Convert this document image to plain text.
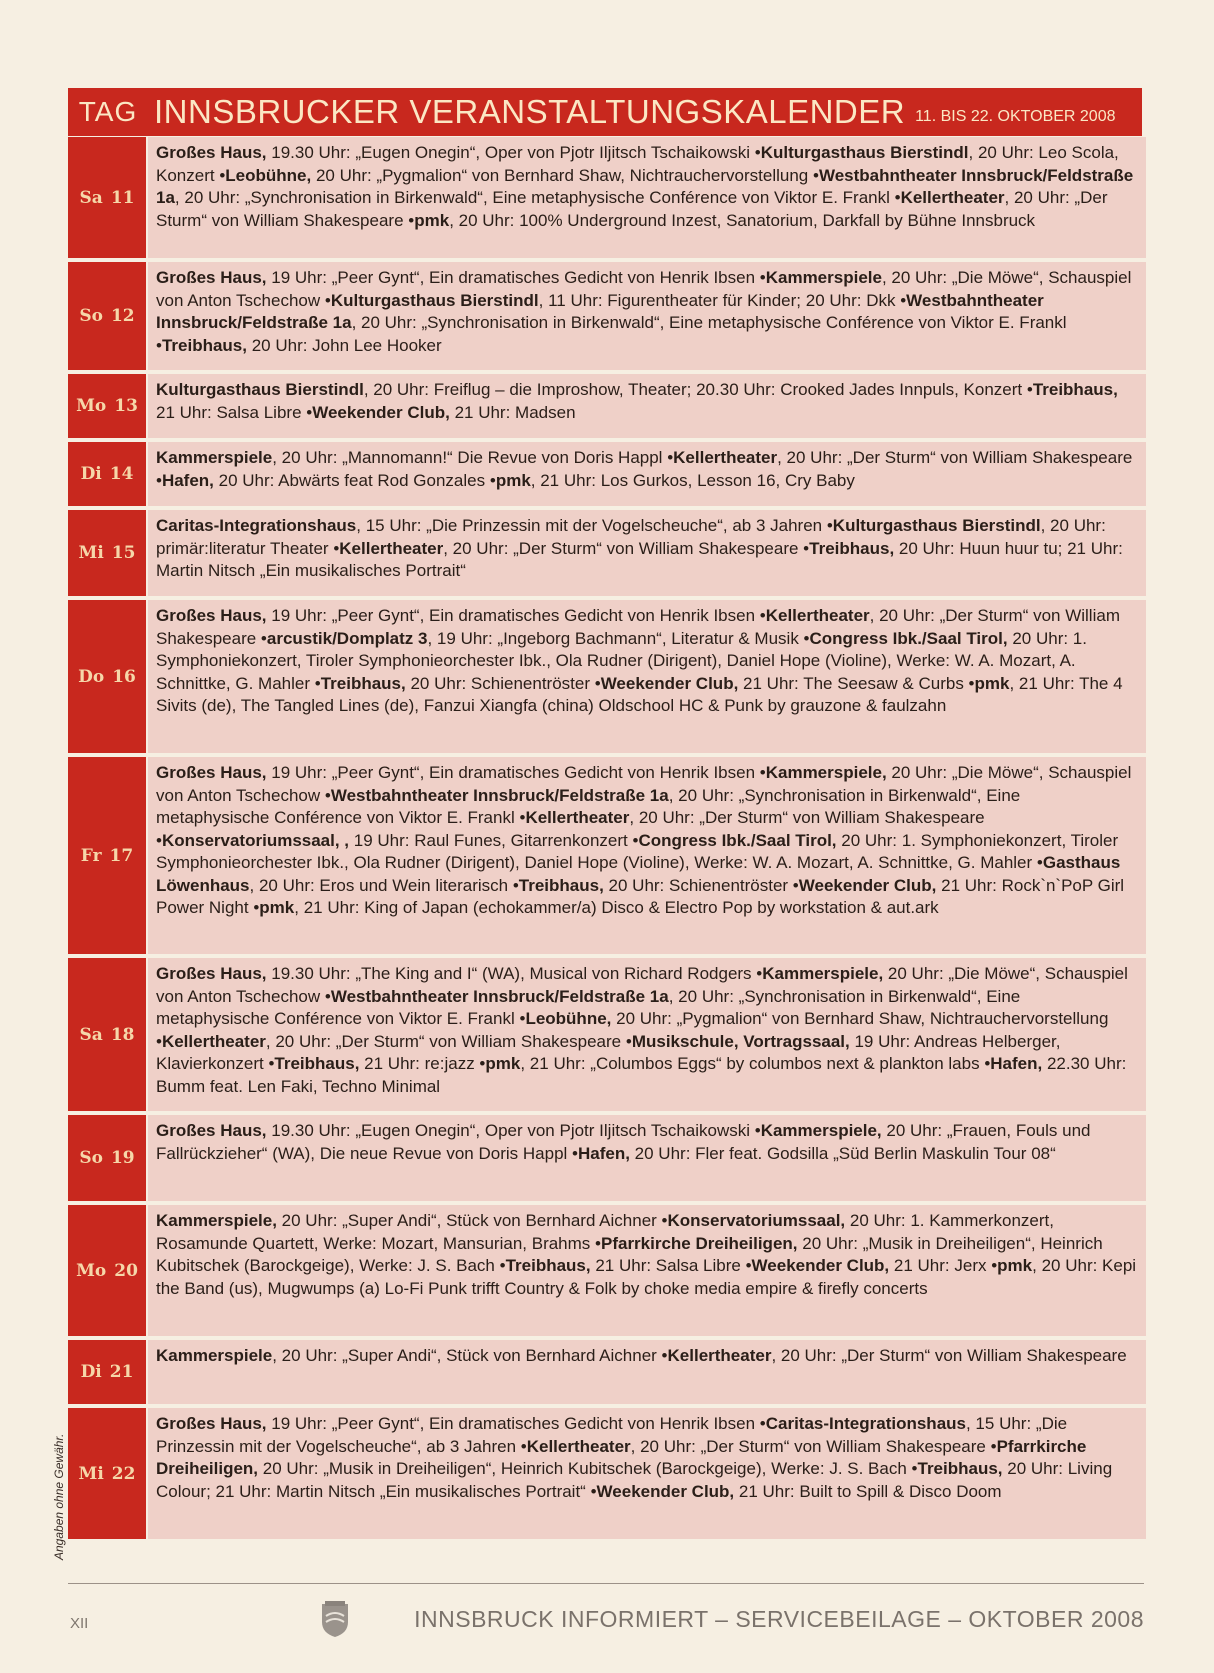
TAG INNSBRUCKER VERANSTALTUNGSKALENDER 11. BIS 22. OKTOBER 2008
Sa 11
Großes Haus, 19.30 Uhr: „Eugen Onegin“, Oper von Pjotr Iljitsch Tschaikowski • Kulturgasthaus Bierstindl, 20 Uhr: Leo Scola, Konzert • Leobühne, 20 Uhr: „Pygmalion“ von Bernhard Shaw, Nichtrauchervorstellung • Westbahntheater Innsbruck/Feldstraße 1a, 20 Uhr: „Synchronisation in Birkenwald“, Eine metaphysische Conférence von Viktor E. Frankl • Kellertheater, 20 Uhr: „Der Sturm“ von William Shakespeare • pmk, 20 Uhr: 100% Underground Inzest, Sanatorium, Darkfall by Bühne Innsbruck
So 12
Großes Haus, 19 Uhr: „Peer Gynt“, Ein dramatisches Gedicht von Henrik Ibsen • Kammerspiele, 20 Uhr: „Die Möwe“, Schauspiel von Anton Tschechow • Kulturgasthaus Bierstindl, 11 Uhr: Figurentheater für Kinder; 20 Uhr: Dkk • Westbahntheater Innsbruck/Feldstraße 1a, 20 Uhr: „Synchronisation in Birkenwald“, Eine metaphysische Conférence von Viktor E. Frankl • Treibhaus, 20 Uhr: John Lee Hooker
Mo 13
Kulturgasthaus Bierstindl, 20 Uhr: Freiflug – die Improshow, Theater; 20.30 Uhr: Crooked Jades Innpuls, Konzert • Treibhaus, 21 Uhr: Salsa Libre • Weekender Club, 21 Uhr: Madsen
Di 14
Kammerspiele, 20 Uhr: „Mannomann!“ Die Revue von Doris Happl • Kellertheater, 20 Uhr: „Der Sturm“ von William Shakespeare • Hafen, 20 Uhr: Abwärts feat Rod Gonzales • pmk, 21 Uhr: Los Gurkos, Lesson 16, Cry Baby
Mi 15
Caritas-Integrationshaus, 15 Uhr: „Die Prinzessin mit der Vogelscheuche“, ab 3 Jahren • Kulturgasthaus Bierstindl, 20 Uhr: primär:literatur Theater • Kellertheater, 20 Uhr: „Der Sturm“ von William Shakespeare • Treibhaus, 20 Uhr: Huun huur tu; 21 Uhr: Martin Nitsch „Ein musikalisches Portrait“
Do 16
Großes Haus, 19 Uhr: „Peer Gynt“, Ein dramatisches Gedicht von Henrik Ibsen • Kellertheater, 20 Uhr: „Der Sturm“ von William Shakespeare • arcustik/Domplatz 3, 19 Uhr: „Ingeborg Bachmann“, Literatur & Musik • Congress Ibk./Saal Tirol, 20 Uhr: 1. Symphoniekonzert, Tiroler Symphonieorchester Ibk., Ola Rudner (Dirigent), Daniel Hope (Violine), Werke: W. A. Mozart, A. Schnittke, G. Mahler • Treibhaus, 20 Uhr: Schienentröster • Weekender Club, 21 Uhr: The Seesaw & Curbs • pmk, 21 Uhr: The 4 Sivits (de), The Tangled Lines (de), Fanzui Xiangfa (china) Oldschool HC & Punk by grauzone & faulzahn
Fr 17
Großes Haus, 19 Uhr: „Peer Gynt“, Ein dramatisches Gedicht von Henrik Ibsen • Kammerspiele, 20 Uhr: „Die Möwe“, Schauspiel von Anton Tschechow • Westbahntheater Innsbruck/Feldstraße 1a, 20 Uhr: „Synchronisation in Birkenwald“, Eine metaphysische Conférence von Viktor E. Frankl • Kellertheater, 20 Uhr: „Der Sturm“ von William Shakespeare • Konservatoriumssaal, , 19 Uhr: Raul Funes, Gitarrenkonzert • Congress Ibk./Saal Tirol, 20 Uhr: 1. Symphoniekonzert, Tiroler Symphonieorchester Ibk., Ola Rudner (Dirigent), Daniel Hope (Violine), Werke: W. A. Mozart, A. Schnittke, G. Mahler • Gasthaus Löwenhaus, 20 Uhr: Eros und Wein literarisch • Treibhaus, 20 Uhr: Schienentröster • Weekender Club, 21 Uhr: Rock`n`PoP Girl Power Night • pmk, 21 Uhr: King of Japan (echokammer/a) Disco & Electro Pop by workstation & aut.ark
Sa 18
Großes Haus, 19.30 Uhr: „The King and I“ (WA), Musical von Richard Rodgers • Kammerspiele, 20 Uhr: „Die Möwe“, Schauspiel von Anton Tschechow • Westbahntheater Innsbruck/Feldstraße 1a, 20 Uhr: „Synchronisation in Birkenwald“, Eine metaphysische Conférence von Viktor E. Frankl • Leobühne, 20 Uhr: „Pygmalion“ von Bernhard Shaw, Nichtrauchervorstellung • Kellertheater, 20 Uhr: „Der Sturm“ von William Shakespeare • Musikschule, Vortragssaal, 19 Uhr: Andreas Helberger, Klavierkonzert • Treibhaus, 21 Uhr: re:jazz • pmk, 21 Uhr: „Columbos Eggs“ by columbos next & plankton labs • Hafen, 22.30 Uhr: Bumm feat. Len Faki, Techno Minimal
So 19
Großes Haus, 19.30 Uhr: „Eugen Onegin“, Oper von Pjotr Iljitsch Tschaikowski • Kammerspiele, 20 Uhr: „Frauen, Fouls und Fallrückzieher“ (WA), Die neue Revue von Doris Happl • Hafen, 20 Uhr: Fler feat. Godsilla „Süd Berlin Maskulin Tour 08“
Mo 20
Kammerspiele, 20 Uhr: „Super Andi“, Stück von Bernhard Aichner • Konservatoriumssaal, 20 Uhr: 1. Kammerkonzert, Rosamunde Quartett, Werke: Mozart, Mansurian, Brahms • Pfarrkirche Dreiheiligen, 20 Uhr: „Musik in Dreiheiligen“, Heinrich Kubitschek (Barockgeige), Werke: J. S. Bach • Treibhaus, 21 Uhr: Salsa Libre • Weekender Club, 21 Uhr: Jerx • pmk, 20 Uhr: Kepi the Band (us), Mugwumps (a) Lo-Fi Punk trifft Country & Folk by choke media empire & firefly concerts
Di 21
Kammerspiele, 20 Uhr: „Super Andi“, Stück von Bernhard Aichner • Kellertheater, 20 Uhr: „Der Sturm“ von William Shakespeare
Mi 22
Großes Haus, 19 Uhr: „Peer Gynt“, Ein dramatisches Gedicht von Henrik Ibsen • Caritas-Integrationshaus, 15 Uhr: „Die Prinzessin mit der Vogelscheuche“, ab 3 Jahren • Kellertheater, 20 Uhr: „Der Sturm“ von William Shakespeare • Pfarrkirche Dreiheiligen, 20 Uhr: „Musik in Dreiheiligen“, Heinrich Kubitschek (Barockgeige), Werke: J. S. Bach • Treibhaus, 20 Uhr: Living Colour; 21 Uhr: Martin Nitsch „Ein musikalisches Portrait“ • Weekender Club, 21 Uhr: Built to Spill & Disco Doom
Angaben ohne Gewähr.
XII	INNSBRUCK INFORMIERT – SERVICEBEILAGE – OKTOBER 2008
